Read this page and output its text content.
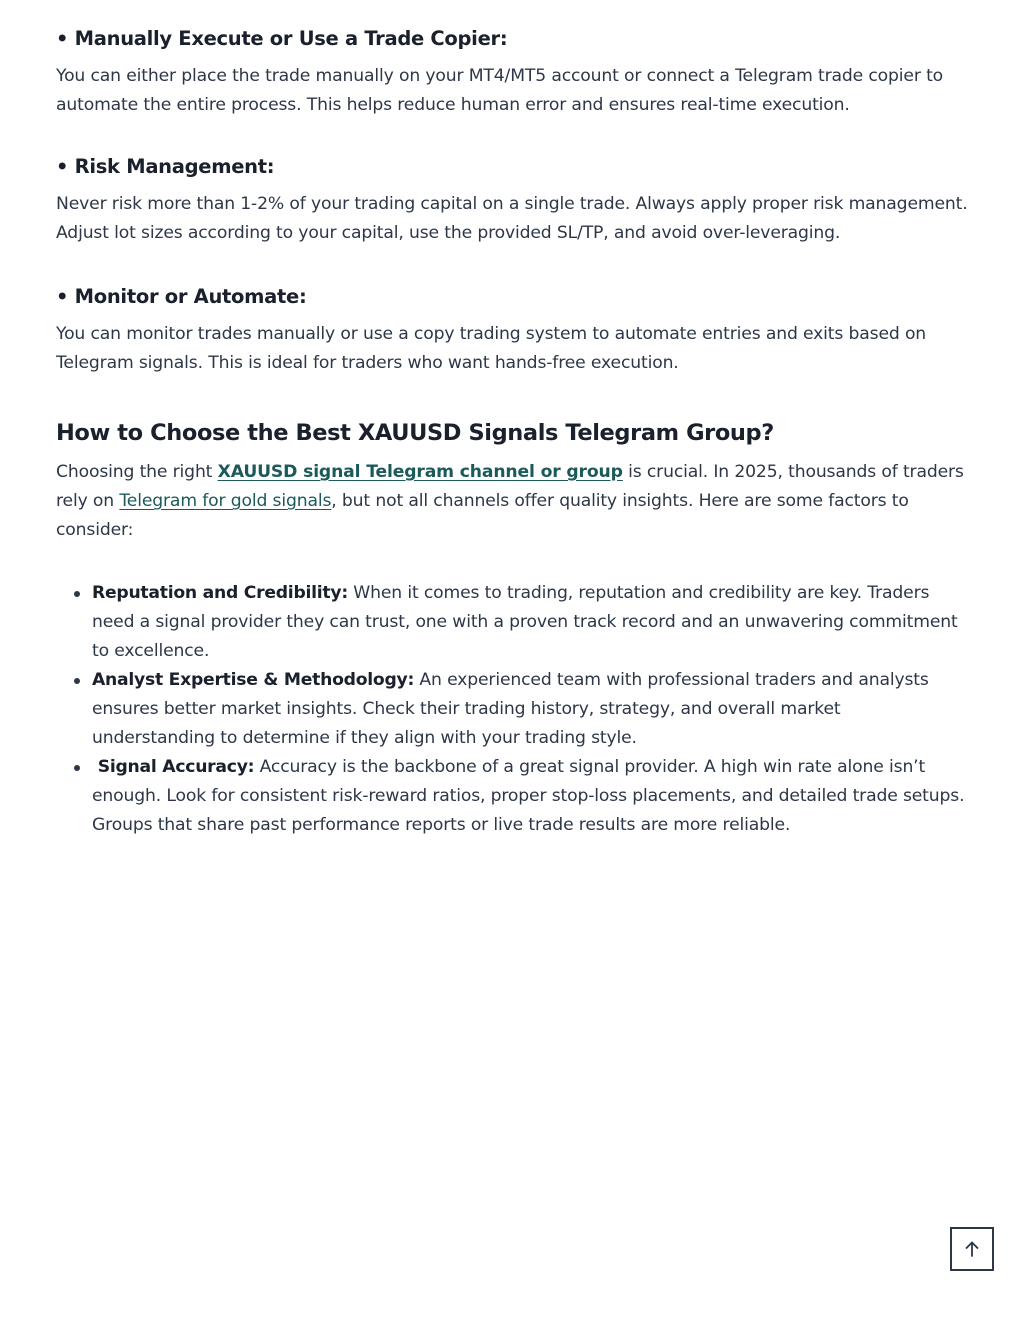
• Manually Execute or Use a Trade Copier:

You can either place the trade manually on your MT4/MT5 account or connect a Telegram trade copier to automate the entire process. This helps reduce human error and ensures real-time execution.

• Risk Management:

Never risk more than 1-2% of your trading capital on a single trade. Always apply proper risk management. Adjust lot sizes according to your capital, use the provided SL/TP, and avoid over-leveraging.

• Monitor or Automate:

You can monitor trades manually or use a copy trading system to automate entries and exits based on Telegram signals. This is ideal for traders who want hands-free execution.

How to Choose the Best XAUUSD Signals Telegram Group?

Choosing the right XAUUSD signal Telegram channel or group is crucial. In 2025, thousands of traders rely on Telegram for gold signals, but not all channels offer quality insights. Here are some factors to consider:

Reputation and Credibility: When it comes to trading, reputation and credibility are key. Traders need a signal provider they can trust, one with a proven track record and an unwavering commitment to excellence.
Analyst Expertise & Methodology: An experienced team with professional traders and analysts ensures better market insights. Check their trading history, strategy, and overall market understanding to determine if they align with your trading style.
Signal Accuracy: Accuracy is the backbone of a great signal provider. A high win rate alone isn’t enough. Look for consistent risk-reward ratios, proper stop-loss placements, and detailed trade setups. Groups that share past performance reports or live trade results are more reliable.
